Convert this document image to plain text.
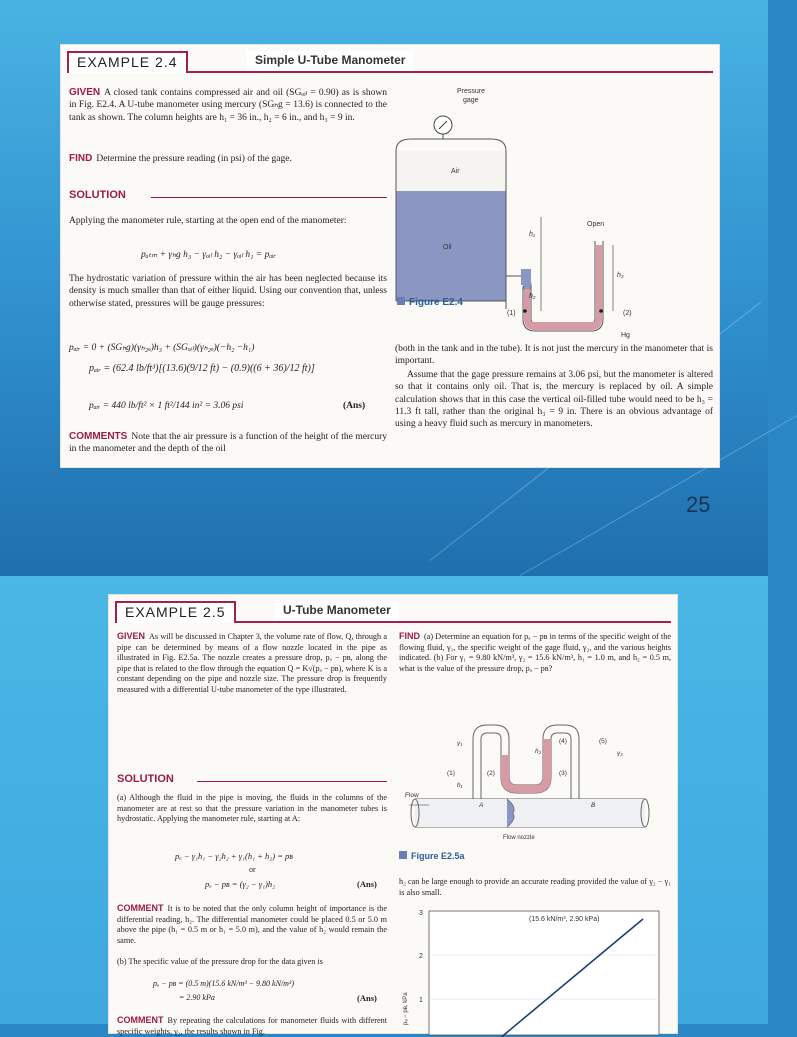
EXAMPLE 2.4	Simple U-Tube Manometer
GIVEN A closed tank contains compressed air and oil (SGₒᵢₗ = 0.90) as is shown in Fig. E2.4. A U-tube manometer using mercury (SGₕg = 13.6) is connected to the tank as shown. The column heights are h₁ = 36 in., h₂ = 6 in., and h₃ = 9 in.
FIND Determine the pressure reading (in psi) of the gage.
SOLUTION
Applying the manometer rule, starting at the open end of the manometer:
pₐₜₘ + γₕg h₃ − γₒᵢₗ h₂ − γₒᵢₗ h₁ = pₐᵢᵣ
The hydrostatic variation of pressure within the air has been neglected because its density is much smaller than that of either liquid. Using our convention that, unless otherwise stated, pressures will be gauge pressures:
pₐᵢᵣ = 0 + (SGₕg)(γₕ₂ₒ)h₃ + (SGₒᵢₗ)(γₕ₂ₒ)(−h₂ −h₁)
pₐᵢᵣ = (62.4 lb/ft³)[(13.6)(9/12 ft) − (0.9)((6 + 36)/12 ft)]
pₐᵢᵣ = 440 lb/ft² × 1 ft²/144 in² = 3.06 psi	(Ans)
COMMENTS Note that the air pressure is a function of the height of the mercury in the manometer and the depth of the oil
(both in the tank and in the tube). It is not just the mercury in the manometer that is important.
Assume that the gage pressure remains at 3.06 psi, but the manometer is altered so that it contains only oil. That is, the mercury is replaced by oil. A simple calculation shows that in this case the vertical oil-filled tube would need to be h₃ = 11.3 ft tall, rather than the original h₃ = 9 in. There is an obvious advantage of using a heavy fluid such as mercury in manometers.
Pressure
gage
Air
Oil
Open
h₁
h₂
h₃
(1)	(2)
Hg
Figure E2.4
25
EXAMPLE 2.5	U-Tube Manometer
GIVEN As will be discussed in Chapter 3, the volume rate of flow, Q, through a pipe can be determined by means of a flow nozzle located in the pipe as illustrated in Fig. E2.5a. The nozzle creates a pressure drop, pₐ − pʙ, along the pipe that is related to the flow through the equation Q = K√(pₐ − pʙ), where K is a constant depending on the pipe and nozzle size. The pressure drop is frequently measured with a differential U-tube manometer of the type illustrated.
FIND (a) Determine an equation for pₐ − pʙ in terms of the specific weight of the flowing fluid, γ₁, the specific weight of the gage fluid, γ₂, and the various heights indicated. (b) For γ₁ = 9.80 kN/m³, γ₂ = 15.6 kN/m³, h₁ = 1.0 m, and h₂ = 0.5 m, what is the value of the pressure drop, pₐ − pʙ?
SOLUTION
(a) Although the fluid in the pipe is moving, the fluids in the columns of the manometer are at rest so that the pressure variation in the manometer tubes is hydrostatic. Applying the manometer rule, starting at A:
pₐ − γ₁h₁ − γ₂h₂ + γ₁(h₁ + h₂) = pʙ
or
pₐ − pʙ = (γ₂ − γ₁)h₂	(Ans)
COMMENT It is to be noted that the only column height of importance is the differential reading, h₂. The differential manometer could be placed 0.5 or 5.0 m above the pipe (h₁ = 0.5 m or h₁ = 5.0 m), and the value of h₂ would remain the same.
(b) The specific value of the pressure drop for the data given is
pₐ − pʙ = (0.5 m)(15.6 kN/m³ − 9.80 kN/m³)
= 2.90 kPa	(Ans)
COMMENT By repeating the calculations for manometer fluids with different specific weights, γ₂, the results shown in Fig.
Flow
Flow nozzle
γ₁
γ₂
(1)	(2)	(3)
(4)	(5)
h₂
h₁
A	B
Figure E2.5a
h₂ can be large enough to provide an accurate reading provided the value of γ₂ − γ₁ is also small.
3
2
1
pₐ − pʙ, kPa
(15.6 kN/m³, 2.90 kPa)
